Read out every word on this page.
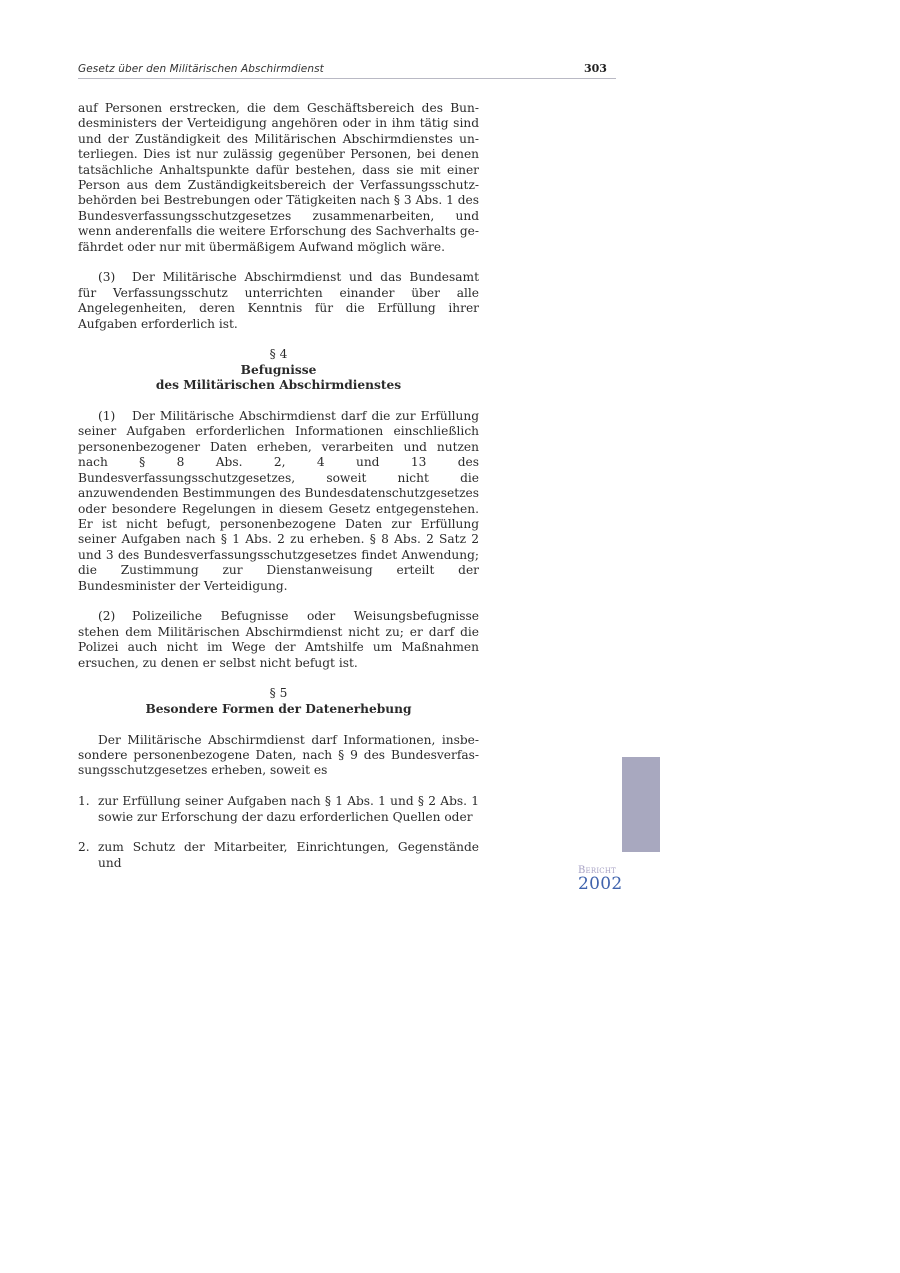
Gesetz über den Militärischen Abschirmdienst	303

auf Personen erstrecken, die dem Geschäftsbereich des Bundesministers der Verteidigung angehören oder in ihm tätig sind und der Zuständigkeit des Militärischen Abschirmdienstes unterliegen. Dies ist nur zulässig gegenüber Personen, bei denen tatsächliche Anhaltspunkte dafür bestehen, dass sie mit einer Person aus dem Zuständigkeitsbereich der Verfassungsschutzbehörden bei Bestrebungen oder Tätigkeiten nach § 3 Abs. 1 des Bundesverfassungsschutzgesetzes zusammenarbeiten, und wenn anderenfalls die weitere Erforschung des Sachverhalts gefährdet oder nur mit übermäßigem Aufwand möglich wäre.

(3) Der Militärische Abschirmdienst und das Bundesamt für Verfassungsschutz unterrichten einander über alle Angelegenheiten, deren Kenntnis für die Erfüllung ihrer Aufgaben erforderlich ist.

§ 4
Befugnisse
des Militärischen Abschirmdienstes

(1) Der Militärische Abschirmdienst darf die zur Erfüllung seiner Aufgaben erforderlichen Informationen einschließlich personenbezogener Daten erheben, verarbeiten und nutzen nach § 8 Abs. 2, 4 und 13 des Bundesverfassungsschutzgesetzes, soweit nicht die anzuwendenden Bestimmungen des Bundesdatenschutzgesetzes oder besondere Regelungen in diesem Gesetz entgegenstehen. Er ist nicht befugt, personenbezogene Daten zur Erfüllung seiner Aufgaben nach § 1 Abs. 2 zu erheben. § 8 Abs. 2 Satz 2 und 3 des Bundesverfassungsschutzgesetzes findet Anwendung; die Zustimmung zur Dienstanweisung erteilt der Bundesminister der Verteidigung.

(2) Polizeiliche Befugnisse oder Weisungsbefugnisse stehen dem Militärischen Abschirmdienst nicht zu; er darf die Polizei auch nicht im Wege der Amtshilfe um Maßnahmen ersuchen, zu denen er selbst nicht befugt ist.

§ 5
Besondere Formen der Datenerhebung

Der Militärische Abschirmdienst darf Informationen, insbesondere personenbezogene Daten, nach § 9 des Bundesverfassungsschutzgesetzes erheben, soweit es

1. zur Erfüllung seiner Aufgaben nach § 1 Abs. 1 und § 2 Abs. 1 sowie zur Erforschung der dazu erforderlichen Quellen oder

2. zum Schutz der Mitarbeiter, Einrichtungen, Gegenstände und

Bericht
2002
